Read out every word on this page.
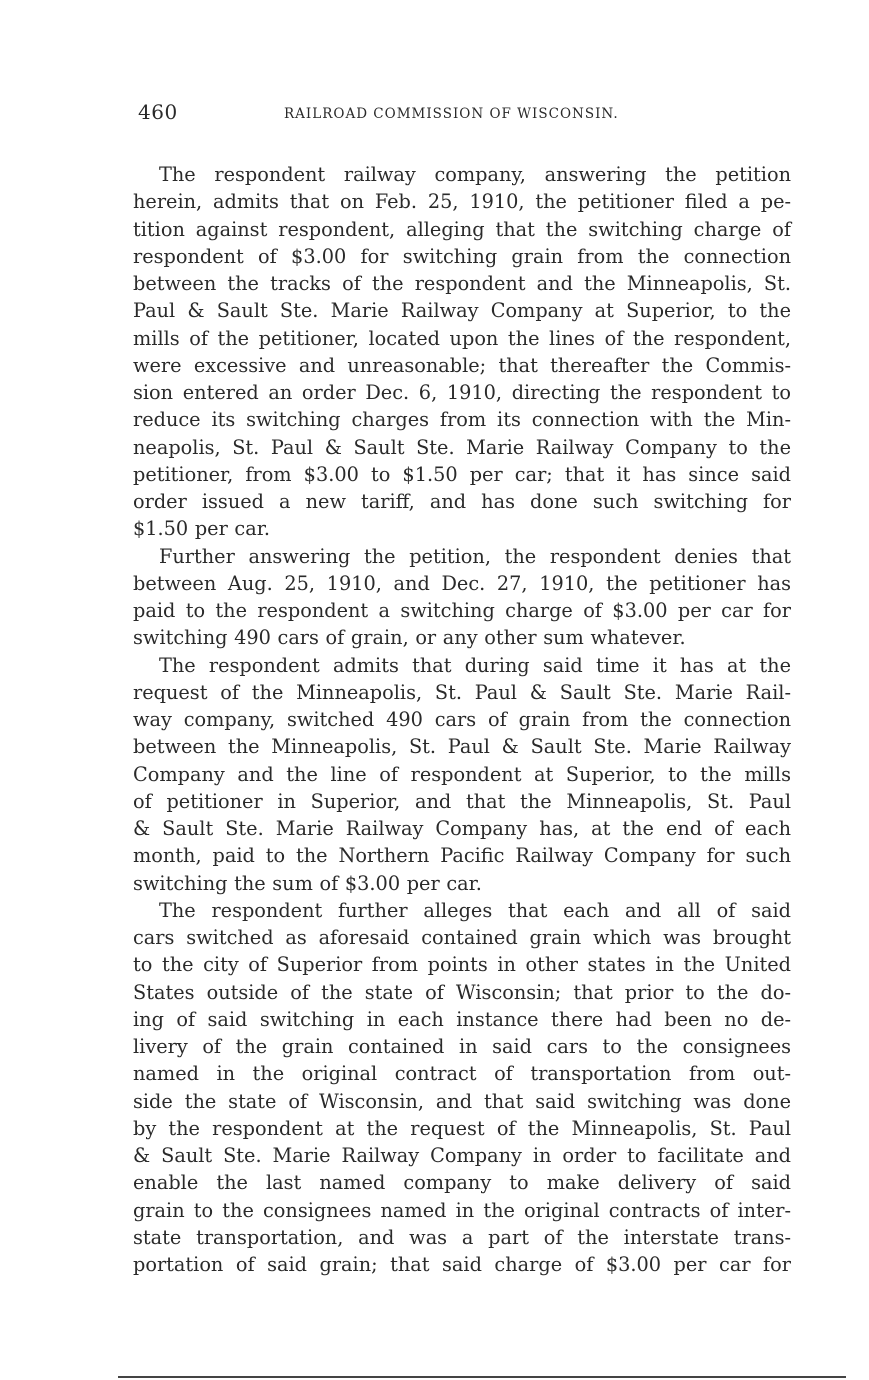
460	RAILROAD COMMISSION OF WISCONSIN.
The respondent railway company, answering the petition
herein, admits that on Feb. 25, 1910, the petitioner filed a pe-
tition against respondent, alleging that the switching charge of
respondent of $3.00 for switching grain from the connection
between the tracks of the respondent and the Minneapolis, St.
Paul & Sault Ste. Marie Railway Company at Superior, to the
mills of the petitioner, located upon the lines of the respondent,
were excessive and unreasonable; that thereafter the Commis-
sion entered an order Dec. 6, 1910, directing the respondent to
reduce its switching charges from its connection with the Min-
neapolis, St. Paul & Sault Ste. Marie Railway Company to the
petitioner, from $3.00 to $1.50 per car; that it has since said
order issued a new tariff, and has done such switching for
$1.50 per car.
Further answering the petition, the respondent denies that
between Aug. 25, 1910, and Dec. 27, 1910, the petitioner has
paid to the respondent a switching charge of $3.00 per car for
switching 490 cars of grain, or any other sum whatever.
The respondent admits that during said time it has at the
request of the Minneapolis, St. Paul & Sault Ste. Marie Rail-
way company, switched 490 cars of grain from the connection
between the Minneapolis, St. Paul & Sault Ste. Marie Railway
Company and the line of respondent at Superior, to the mills
of petitioner in Superior, and that the Minneapolis, St. Paul
& Sault Ste. Marie Railway Company has, at the end of each
month, paid to the Northern Pacific Railway Company for such
switching the sum of $3.00 per car.
The respondent further alleges that each and all of said
cars switched as aforesaid contained grain which was brought
to the city of Superior from points in other states in the United
States outside of the state of Wisconsin; that prior to the do-
ing of said switching in each instance there had been no de-
livery of the grain contained in said cars to the consignees
named in the original contract of transportation from out-
side the state of Wisconsin, and that said switching was done
by the respondent at the request of the Minneapolis, St. Paul
& Sault Ste. Marie Railway Company in order to facilitate and
enable the last named company to make delivery of said
grain to the consignees named in the original contracts of inter-
state transportation, and was a part of the interstate trans-
portation of said grain; that said charge of $3.00 per car for
